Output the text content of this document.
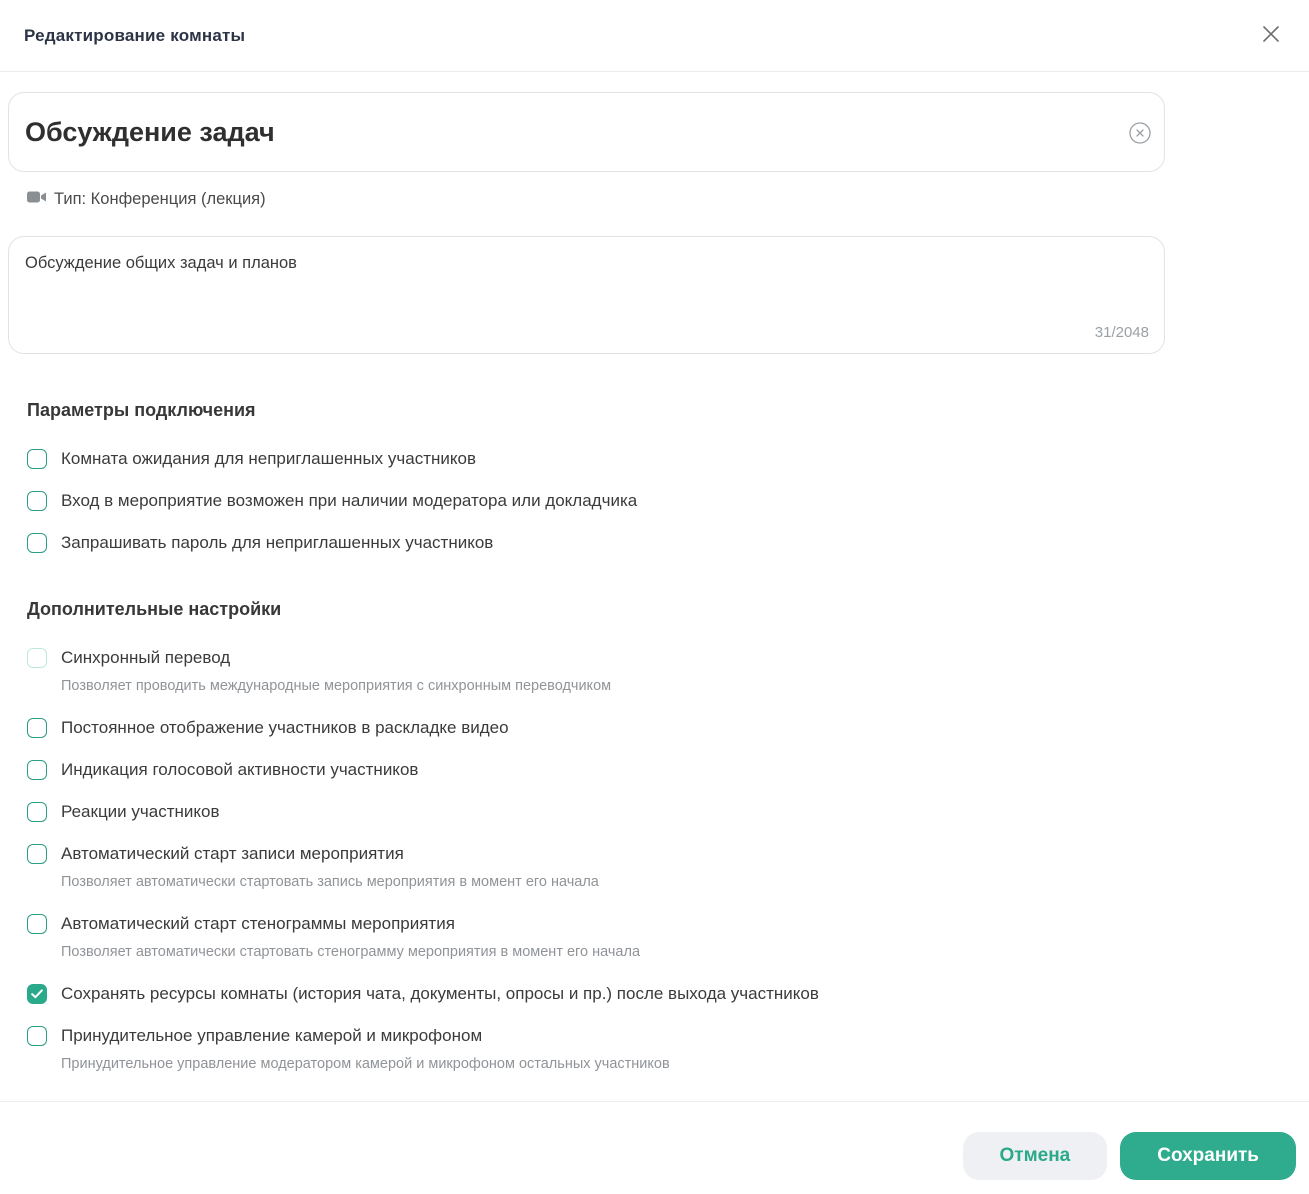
Редактирование комнаты
Обсуждение задач
Тип: Конференция (лекция)
Обсуждение общих задач и планов
31/2048
Параметры подключения
Комната ожидания для неприглашенных участников
Вход в мероприятие возможен при наличии модератора или докладчика
Запрашивать пароль для неприглашенных участников
Дополнительные настройки
Синхронный перевод
Позволяет проводить международные мероприятия с синхронным переводчиком
Постоянное отображение участников в раскладке видео
Индикация голосовой активности участников
Реакции участников
Автоматический старт записи мероприятия
Позволяет автоматически стартовать запись мероприятия в момент его начала
Автоматический старт стенограммы мероприятия
Позволяет автоматически стартовать стенограмму мероприятия в момент его начала
Сохранять ресурсы комнаты (история чата, документы, опросы и пр.) после выхода участников
Принудительное управление камерой и микрофоном
Принудительное управление модератором камерой и микрофоном остальных участников
Отмена	Сохранить
